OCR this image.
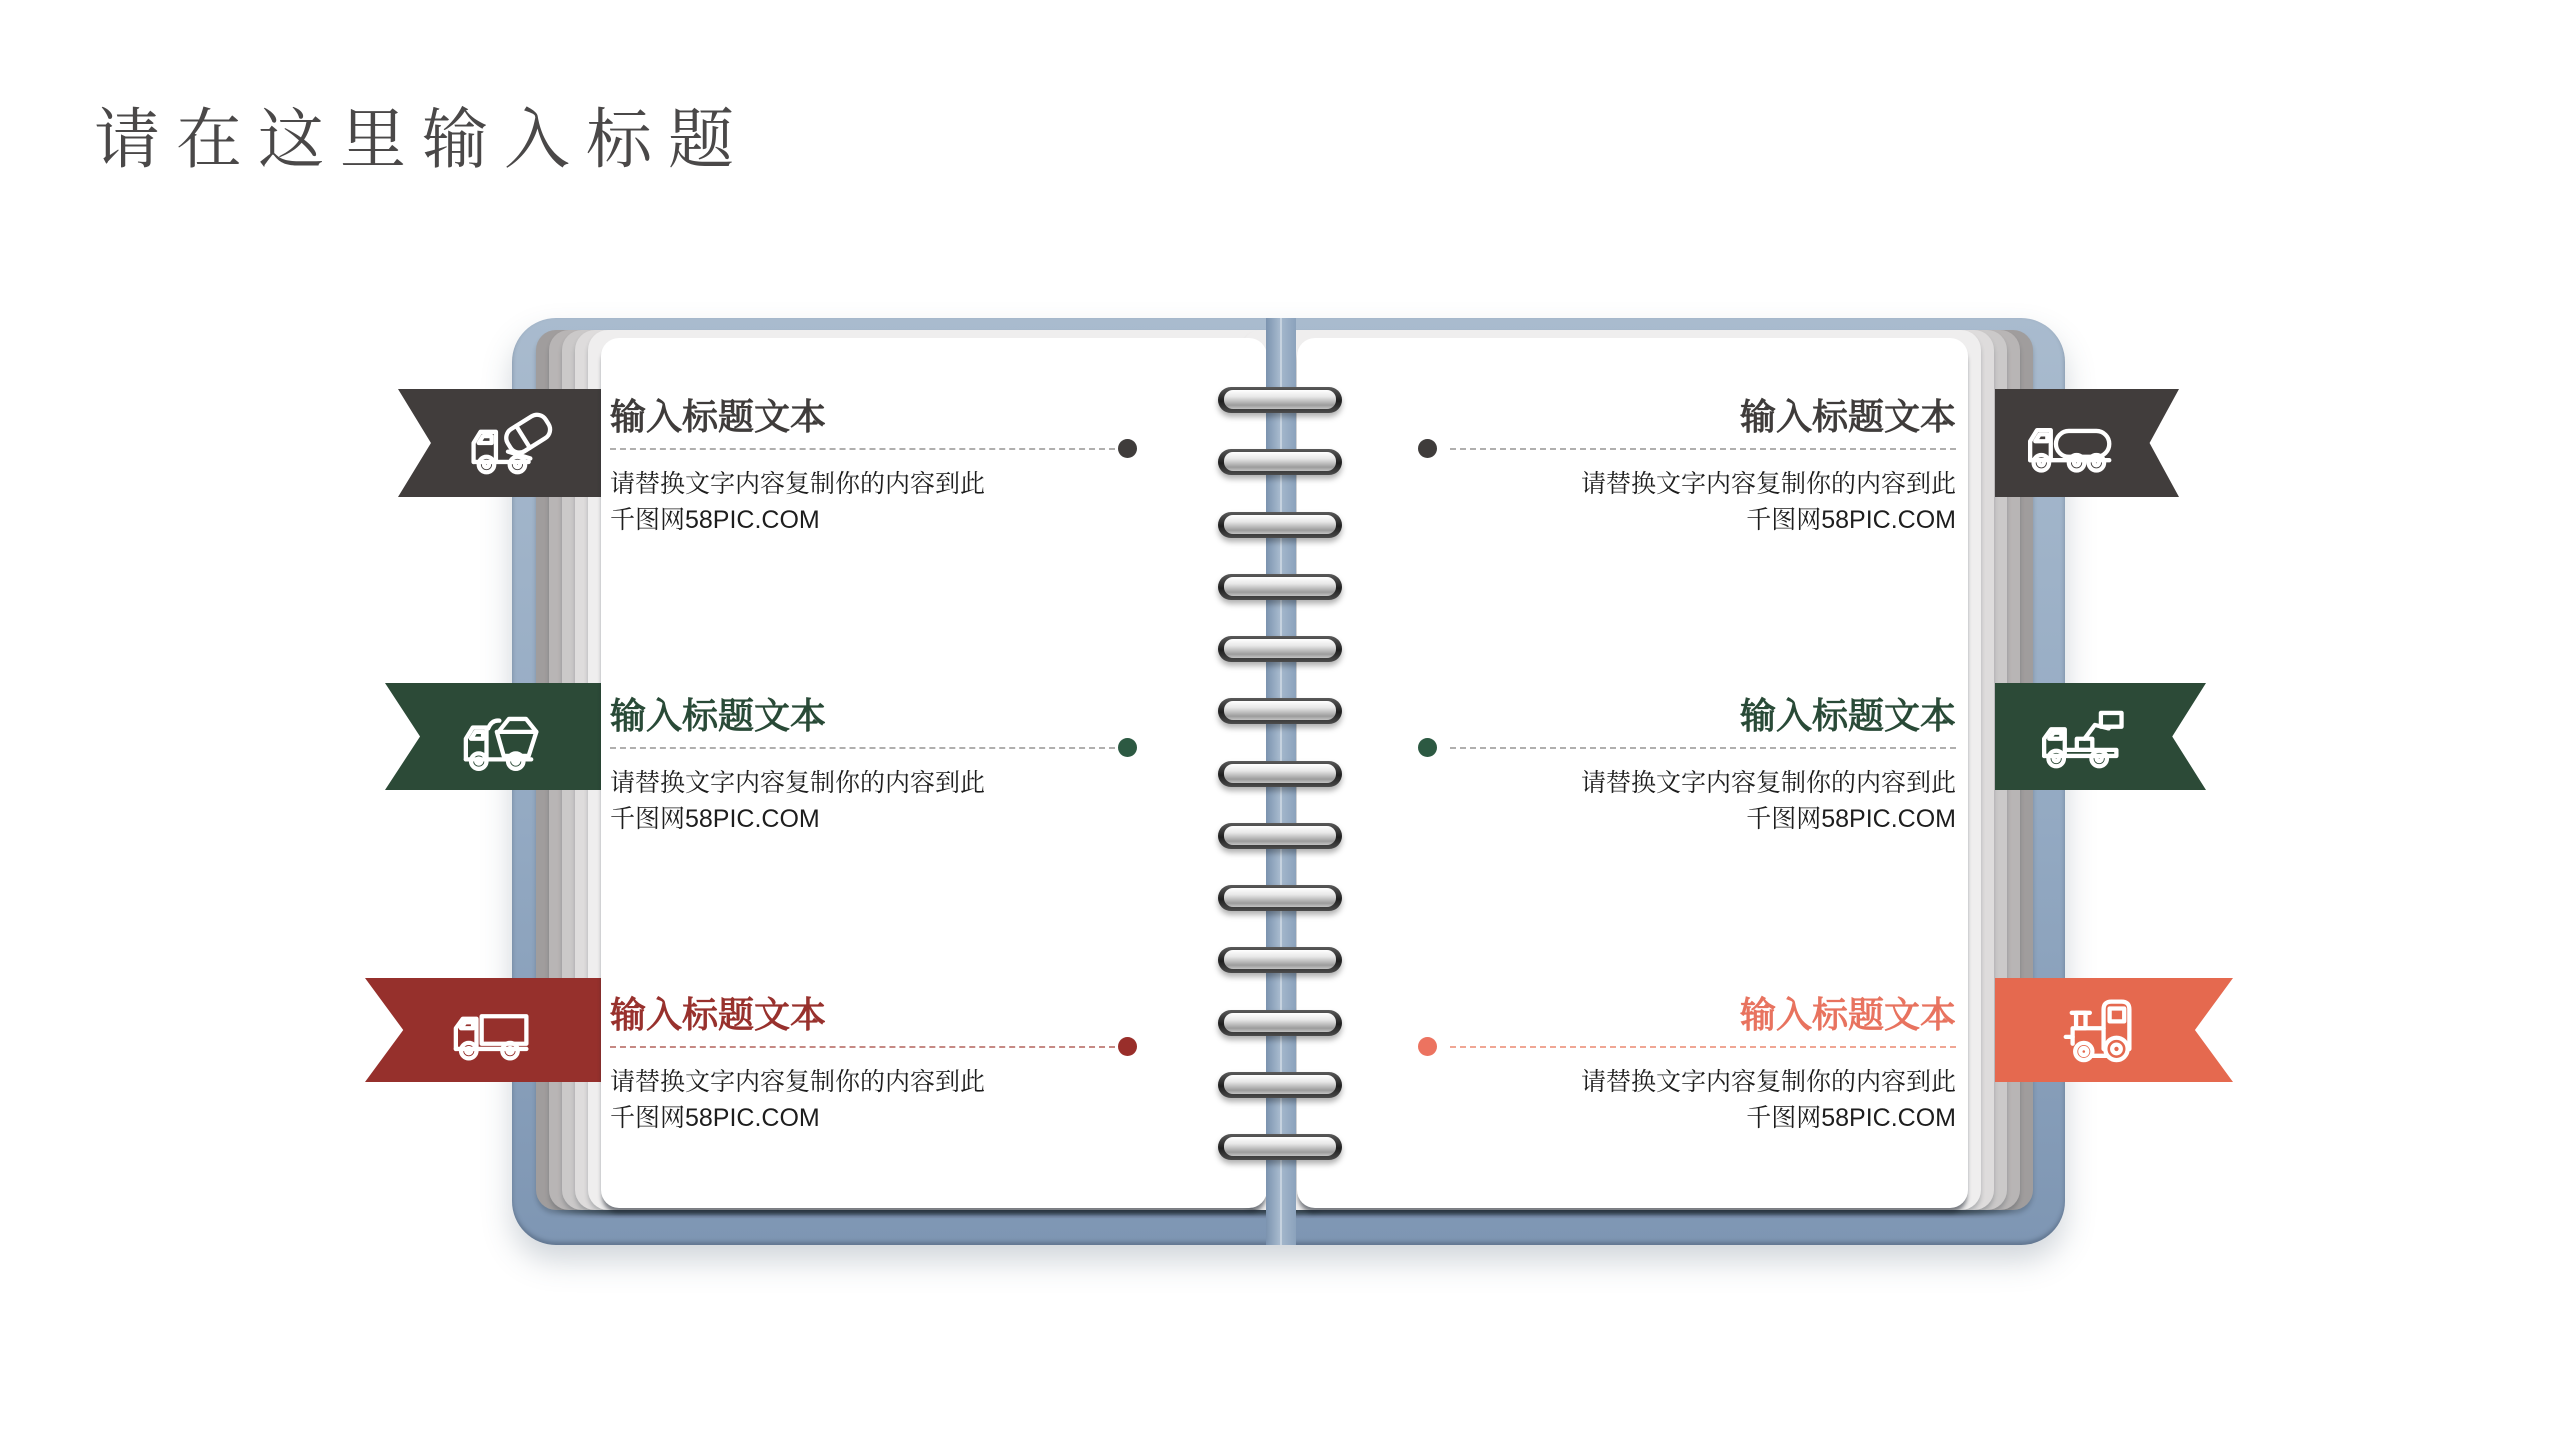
请在这里输入标题
输入标题文本
请替换文字内容复制你的内容到此
千图网58PIC.COM
输入标题文本
请替换文字内容复制你的内容到此
千图网58PIC.COM
输入标题文本
请替换文字内容复制你的内容到此
千图网58PIC.COM
输入标题文本
请替换文字内容复制你的内容到此
千图网58PIC.COM
输入标题文本
请替换文字内容复制你的内容到此
千图网58PIC.COM
输入标题文本
请替换文字内容复制你的内容到此
千图网58PIC.COM
